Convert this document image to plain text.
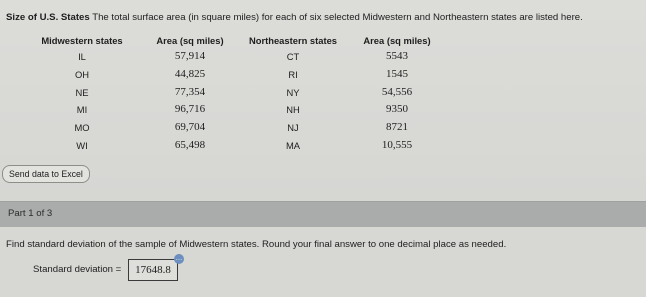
Size of U.S. States The total surface area (in square miles) for each of six selected Midwestern and Northeastern states are listed here.
Midwestern states
IL
OH
NE
MI
MO
WI
Area (sq miles)
57,914
44,825
77,354
96,716
69,704
65,498
Northeastern states
CT
RI
NY
NH
NJ
MA
Area (sq miles)
5543
1545
54,556
9350
8721
10,555
Send data to Excel
Part 1 of 3
Find standard deviation of the sample of Midwestern states. Round your final answer to one decimal place as needed.
Standard deviation =	17648.8
…
